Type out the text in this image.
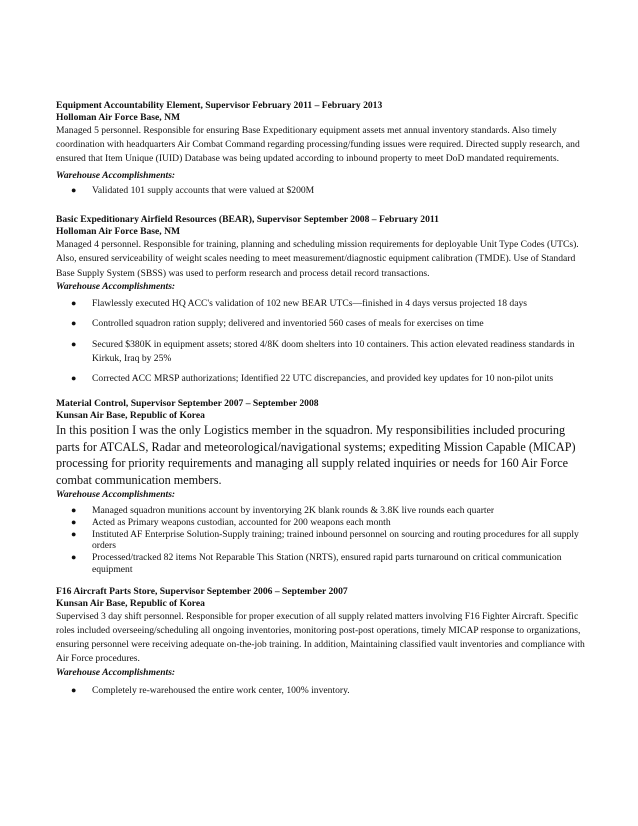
Equipment Accountability Element, Supervisor February 2011 – February 2013

Holloman Air Force Base, NM

Managed 5 personnel. Responsible for ensuring Base Expeditionary equipment assets met annual inventory standards. Also timely coordination with headquarters Air Combat Command regarding processing/funding issues were required. Directed supply research, and ensured that Item Unique (IUID) Database was being updated according to inbound property to meet DoD mandated requirements.

Warehouse Accomplishments:

● Validated 101 supply accounts that were valued at $200M

Basic Expeditionary Airfield Resources (BEAR), Supervisor September 2008 – February 2011

Holloman Air Force Base, NM

Managed 4 personnel. Responsible for training, planning and scheduling mission requirements for deployable Unit Type Codes (UTCs). Also, ensured serviceability of weight scales needing to meet measurement/diagnostic equipment calibration (TMDE). Use of Standard Base Supply System (SBSS) was used to perform research and process detail record transactions.

Warehouse Accomplishments:

● Flawlessly executed HQ ACC's validation of 102 new BEAR UTCs—finished in 4 days versus projected 18 days
● Controlled squadron ration supply; delivered and inventoried 560 cases of meals for exercises on time
● Secured $380K in equipment assets; stored 4/8K doom shelters into 10 containers. This action elevated readiness standards in Kirkuk, Iraq by 25%
● Corrected ACC MRSP authorizations; Identified 22 UTC discrepancies, and provided key updates for 10 non-pilot units

Material Control, Supervisor September 2007 – September 2008

Kunsan Air Base, Republic of Korea

In this position I was the only Logistics member in the squadron. My responsibilities included procuring parts for ATCALS, Radar and meteorological/navigational systems; expediting Mission Capable (MICAP) processing for priority requirements and managing all supply related inquiries or needs for 160 Air Force combat communication members.

Warehouse Accomplishments:

● Managed squadron munitions account by inventorying 2K blank rounds & 3.8K live rounds each quarter
● Acted as Primary weapons custodian, accounted for 200 weapons each month
● Instituted AF Enterprise Solution-Supply training; trained inbound personnel on sourcing and routing procedures for all supply orders
● Processed/tracked 82 items Not Reparable This Station (NRTS), ensured rapid parts turnaround on critical communication equipment

F16 Aircraft Parts Store, Supervisor September 2006 – September 2007

Kunsan Air Base, Republic of Korea

Supervised 3 day shift personnel. Responsible for proper execution of all supply related matters involving F16 Fighter Aircraft. Specific roles included overseeing/scheduling all ongoing inventories, monitoring post-post operations, timely MICAP response to organizations, ensuring personnel were receiving adequate on-the-job training. In addition, Maintaining classified vault inventories and compliance with Air Force procedures.

Warehouse Accomplishments:

● Completely re-warehoused the entire work center, 100% inventory.
